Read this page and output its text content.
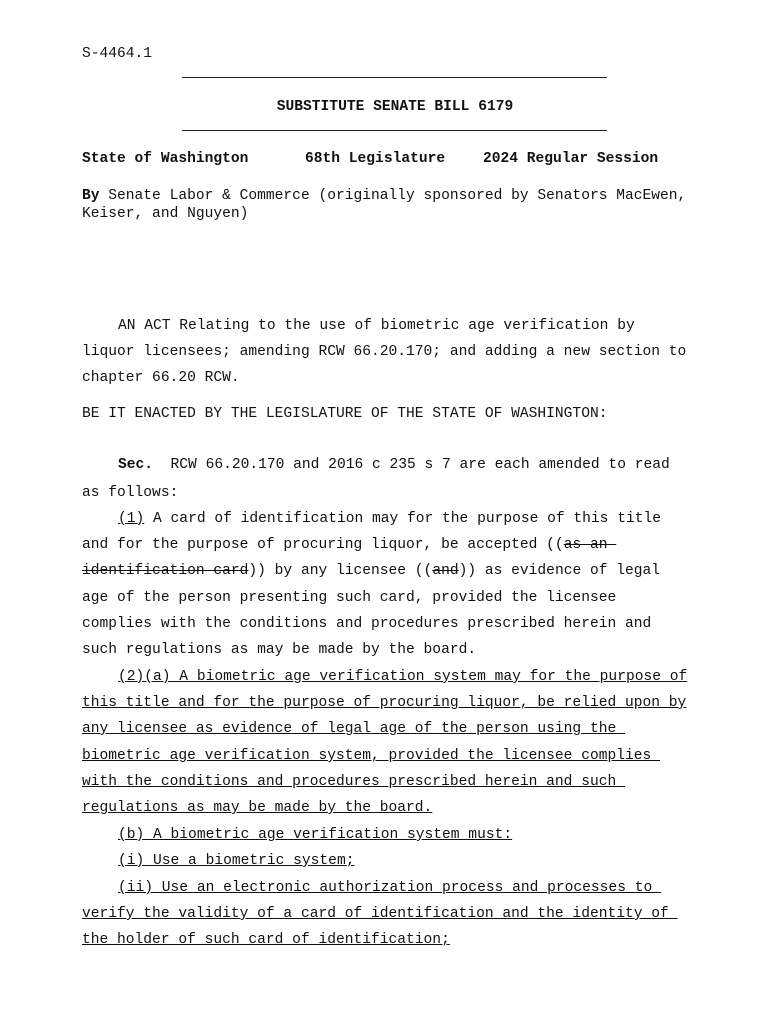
S-4464.1
SUBSTITUTE SENATE BILL 6179
State of Washington	68th Legislature	2024 Regular Session
By Senate Labor & Commerce (originally sponsored by Senators MacEwen,
Keiser, and Nguyen)
AN ACT Relating to the use of biometric age verification by
liquor licensees; amending RCW 66.20.170; and adding a new section to
chapter 66.20 RCW.
BE IT ENACTED BY THE LEGISLATURE OF THE STATE OF WASHINGTON:
Sec.  RCW 66.20.170 and 2016 c 235 s 7 are each amended to read
as follows:
(1) A card of identification may for the purpose of this title
and for the purpose of procuring liquor, be accepted ((as an
identification card)) by any licensee ((and)) as evidence of legal
age of the person presenting such card, provided the licensee
complies with the conditions and procedures prescribed herein and
such regulations as may be made by the board.
(2)(a) A biometric age verification system may for the purpose of
this title and for the purpose of procuring liquor, be relied upon by
any licensee as evidence of legal age of the person using the
biometric age verification system, provided the licensee complies
with the conditions and procedures prescribed herein and such
regulations as may be made by the board.
(b) A biometric age verification system must:
(i) Use a biometric system;
(ii) Use an electronic authorization process and processes to
verify the validity of a card of identification and the identity of
the holder of such card of identification;
